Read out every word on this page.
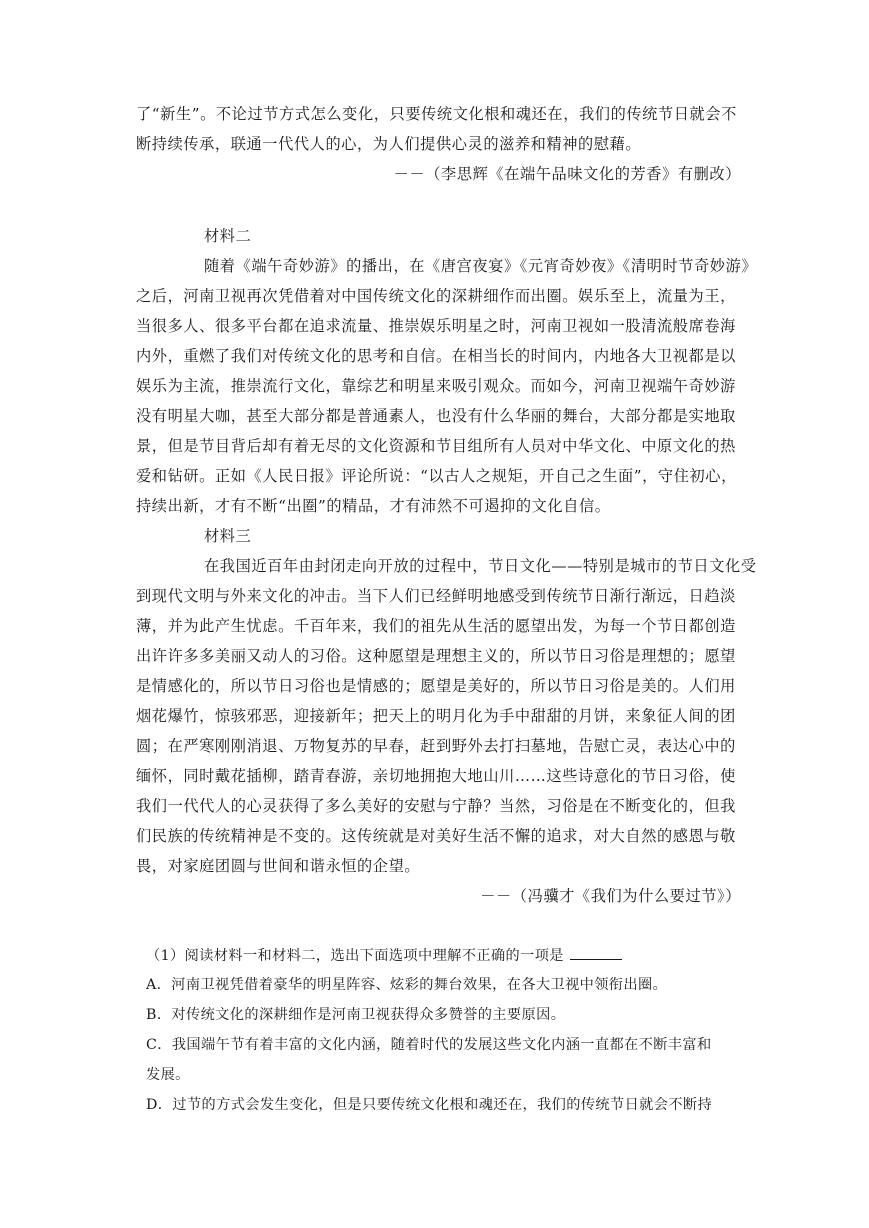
了“新生”。不论过节方式怎么变化，只要传统文化根和魂还在，我们的传统节日就会不
断持续传承，联通一代代人的心，为人们提供心灵的滋养和精神的慰藉。
－－（李思辉《在端午品味文化的芳香》有删改）
材料二
随着《端午奇妙游》的播出，在《唐宫夜宴》《元宵奇妙夜》《清明时节奇妙游》
之后，河南卫视再次凭借着对中国传统文化的深耕细作而出圈。娱乐至上，流量为王，
当很多人、很多平台都在追求流量、推崇娱乐明星之时，河南卫视如一股清流般席卷海
内外，重燃了我们对传统文化的思考和自信。在相当长的时间内，内地各大卫视都是以
娱乐为主流，推崇流行文化，靠综艺和明星来吸引观众。而如今，河南卫视端午奇妙游
没有明星大咖，甚至大部分都是普通素人，也没有什么华丽的舞台，大部分都是实地取
景，但是节目背后却有着无尽的文化资源和节目组所有人员对中华文化、中原文化的热
爱和钻研。正如《人民日报》评论所说：“以古人之规矩，开自己之生面”，守住初心，
持续出新，才有不断“出圈”的精品，才有沛然不可遏抑的文化自信。
材料三
在我国近百年由封闭走向开放的过程中，节日文化——特别是城市的节日文化受
到现代文明与外来文化的冲击。当下人们已经鲜明地感受到传统节日渐行渐远，日趋淡
薄，并为此产生忧虑。千百年来，我们的祖先从生活的愿望出发，为每一个节日都创造
出许许多多美丽又动人的习俗。这种愿望是理想主义的，所以节日习俗是理想的；愿望
是情感化的，所以节日习俗也是情感的；愿望是美好的，所以节日习俗是美的。人们用
烟花爆竹，惊骇邪恶，迎接新年；把天上的明月化为手中甜甜的月饼，来象征人间的团
圆；在严寒刚刚消退、万物复苏的早春，赶到野外去打扫墓地，告慰亡灵，表达心中的
缅怀，同时戴花插柳，踏青春游，亲切地拥抱大地山川……这些诗意化的节日习俗，使
我们一代代人的心灵获得了多么美好的安慰与宁静？当然，习俗是在不断变化的，但我
们民族的传统精神是不变的。这传统就是对美好生活不懈的追求，对大自然的感恩与敬
畏，对家庭团圆与世间和谐永恒的企望。
－－（冯骥才《我们为什么要过节》）
（1）阅读材料一和材料二，选出下面选项中理解不正确的一项是
A．河南卫视凭借着豪华的明星阵容、炫彩的舞台效果，在各大卫视中领衔出圈。
B．对传统文化的深耕细作是河南卫视获得众多赞誉的主要原因。
C．我国端午节有着丰富的文化内涵，随着时代的发展这些文化内涵一直都在不断丰富和
发展。
D．过节的方式会发生变化，但是只要传统文化根和魂还在，我们的传统节日就会不断持
